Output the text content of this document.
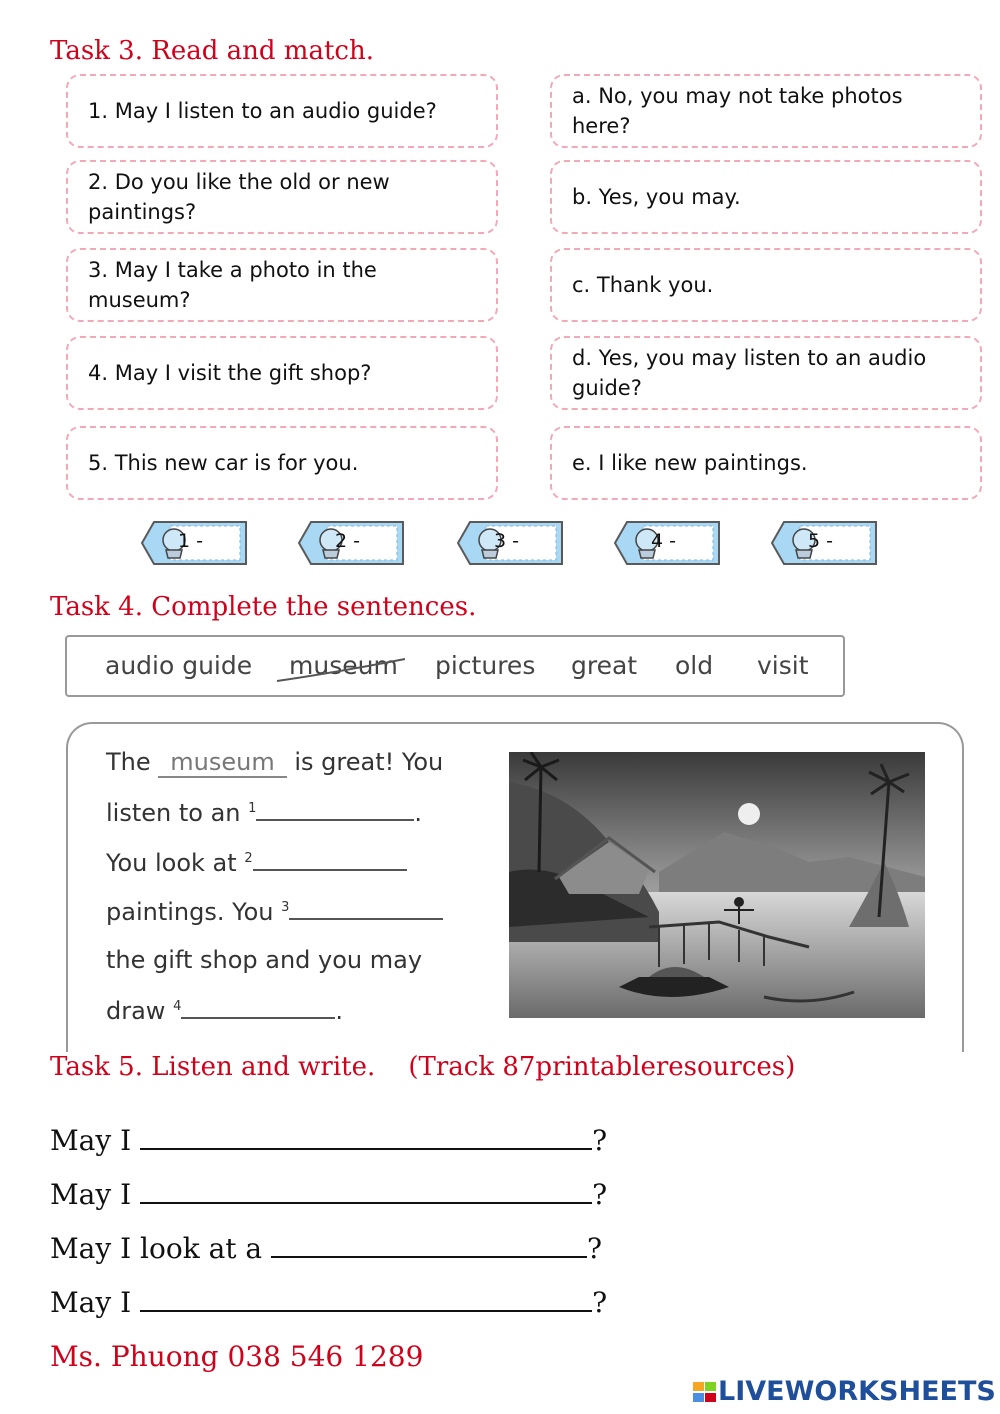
Task 3. Read and match.
1. May I listen to an audio guide?
2. Do you like the old or new
paintings?
3. May I take a photo in the
museum?
4. May I visit the gift shop?
5. This new car is for you.
a. No, you may not take photos here?
b. Yes, you may.
c. Thank you.
d. Yes, you may listen to an audio
guide?
e. I like new paintings.
1 -
2 -
3 -
4 -
5 -
Task 4. Complete the sentences.
audio guide museum pictures great old visit
The museum is great! You
listen to an $^1$	.
You look at $^2$
paintings. You $^3$
the gift shop and you may
draw $^4$	.
Task 5. Listen and write. (Track 87printableresources)
May I	?
May I	?
May I look at a	?
May I	?
Ms. Phuong 038 546 1289
LIVEWORKSHEETS
